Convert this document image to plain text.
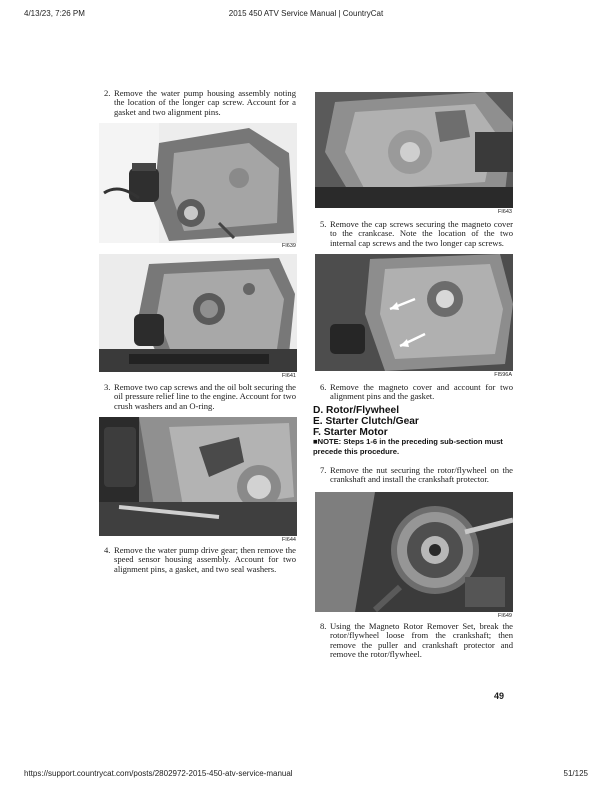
4/13/23, 7:26 PM	2015 450 ATV Service Manual | CountryCat
2. Remove the water pump housing assembly noting the location of the longer cap screw. Account for a gasket and two alignment pins.
FI639
FI641
3. Remove two cap screws and the oil bolt securing the oil pressure relief line to the engine. Account for two crush washers and an O-ring.
FI644
4. Remove the water pump drive gear; then remove the speed sensor housing assembly. Account for two alignment pins, a gasket, and two seal washers.
FI643
5. Remove the cap screws securing the magneto cover to the crankcase. Note the location of the two internal cap screws and the two longer cap screws.
FI596A
6. Remove the magneto cover and account for two alignment pins and the gasket.
D. Rotor/Flywheel
E. Starter Clutch/Gear
F. Starter Motor
■NOTE: Steps 1-6 in the preceding sub-section must precede this procedure.
7. Remove the nut securing the rotor/flywheel on the crankshaft and install the crankshaft protector.
FI649
8. Using the Magneto Rotor Remover Set, break the rotor/flywheel loose from the crankshaft; then remove the puller and crankshaft protector and remove the rotor/flywheel.
49
https://support.countrycat.com/posts/2802972-2015-450-atv-service-manual	51/125
